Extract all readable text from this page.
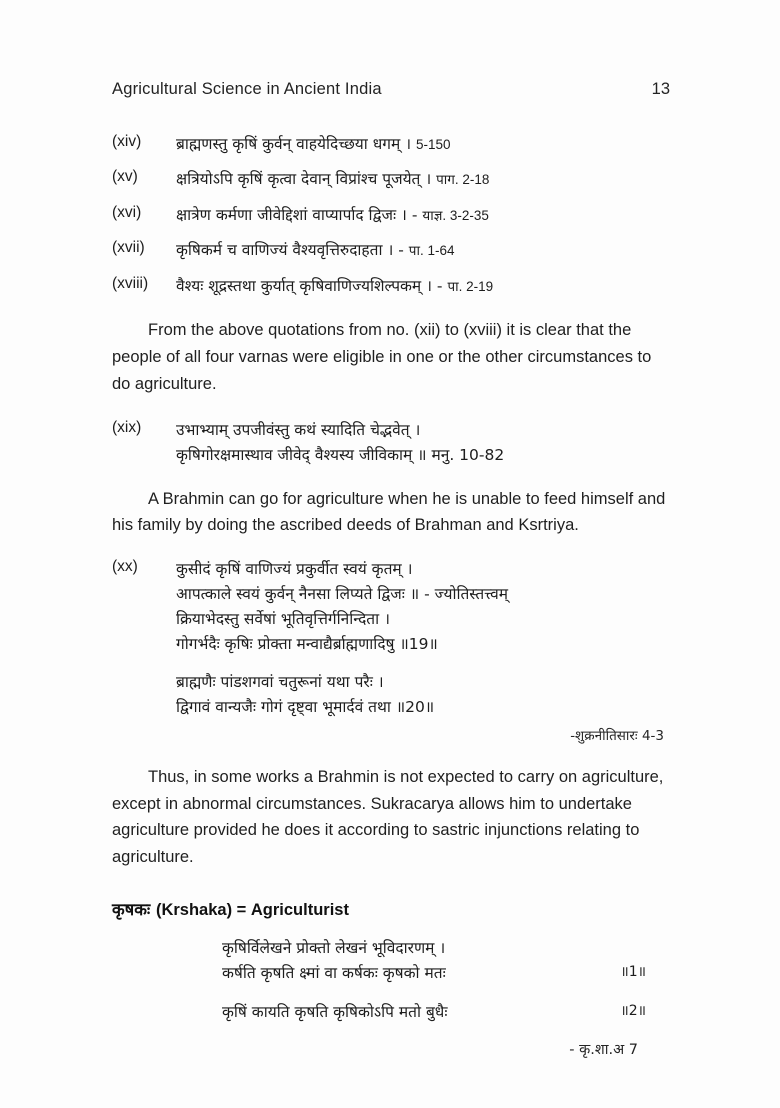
Agricultural Science in Ancient India	13
(xiv)	ब्राह्मणस्तु कृषिं कुर्वन् वाहयेदिच्छया धगम् । 5-150
(xv)	क्षत्रियोऽपि कृषिं कृत्वा देवान् विप्रांश्च पूजयेत् । पाग. 2-18
(xvi)	क्षात्रेण कर्मणा जीवेद्दिशां वाप्यार्पाद द्विजः । - याज्ञ. 3-2-35
(xvii)	कृषिकर्म च वाणिज्यं वैश्यवृत्तिरुदाहता । - पा. 1-64
(xviii)	वैश्यः शूद्रस्तथा कुर्यात् कृषिवाणिज्यशिल्पकम् । - पा. 2-19

From the above quotations from no. (xii) to (xviii) it is clear that the people of all four varnas were eligible in one or the other circumstances to do agriculture.

(xix)	उभाभ्याम् उपजीवंस्तु कथं स्यादिति चेद्भवेत् ।
कृषिगोरक्षमास्थाव जीवेद् वैश्यस्य जीविकाम् ॥ मनु. 10-82

A Brahmin can go for agriculture when he is unable to feed himself and his family by doing the ascribed deeds of Brahman and Ksrtriya.

(xx)	कुसीदं कृषिं वाणिज्यं प्रकुर्वीत स्वयं कृतम् ।
आपत्काले स्वयं कुर्वन् नैनसा लिप्यते द्विजः ॥ - ज्योतिस्तत्त्वम्
क्रियाभेदस्तु सर्वेषां भूतिवृत्तिर्गनिन्दिता ।
गोगर्भदैः कृषिः प्रोक्ता मन्वाद्यैर्ब्राह्मणादिषु ॥19॥
ब्राह्मणैः पांडशगवां चतुरूनां यथा परैः ।
द्विगावं वान्यजैः गोगं दृष्ट्वा भूमार्दवं तथा ॥20॥
-शुक्रनीतिसारः 4-3

Thus, in some works a Brahmin is not expected to carry on agriculture, except in abnormal circumstances. Sukracarya allows him to undertake agriculture provided he does it according to sastric injunctions relating to agriculture.

कृषकः (Krshaka) = Agriculturist
कृषिर्विलेखने प्रोक्तो लेखनं भूविदारणम् ।
कर्षति कृषति क्ष्मां वा कर्षकः कृषको मतः	॥1॥
कृषिं कायति कृषति कृषिकोऽपि मतो बुधैः	॥2॥
- कृ.शा.अ 7
